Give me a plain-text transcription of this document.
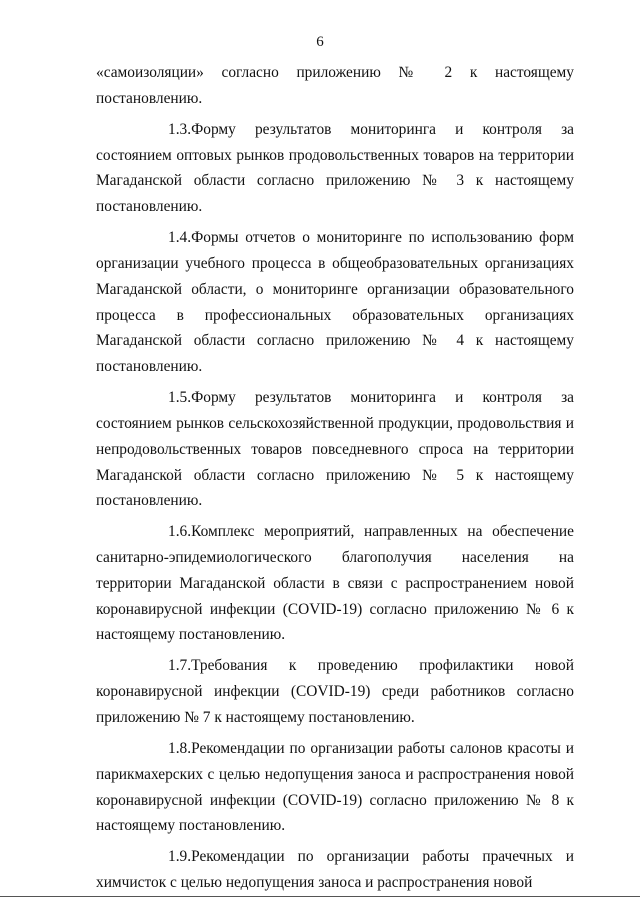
6

«самоизоляции» согласно приложению № 2 к настоящему постановлению.

1.3.Форму результатов мониторинга и контроля за состоянием оптовых рынков продовольственных товаров на территории Магаданской области согласно приложению № 3 к настоящему постановлению.

1.4.Формы отчетов о мониторинге по использованию форм организации учебного процесса в общеобразовательных организациях Магаданской области, о мониторинге организации образовательного процесса в профессиональных образовательных организациях Магаданской области согласно приложению № 4 к настоящему постановлению.

1.5.Форму результатов мониторинга и контроля за состоянием рынков сельскохозяйственной продукции, продовольствия и непродовольственных товаров повседневного спроса на территории Магаданской области согласно приложению № 5 к настоящему постановлению.

1.6.Комплекс мероприятий, направленных на обеспечение санитарно-эпидемиологического благополучия населения на территории Магаданской области в связи с распространением новой коронавирусной инфекции (COVID-19) согласно приложению № 6 к настоящему постановлению.

1.7.Требования к проведению профилактики новой коронавирусной инфекции (COVID-19) среди работников согласно приложению № 7 к настоящему постановлению.

1.8.Рекомендации по организации работы салонов красоты и парикмахерских с целью недопущения заноса и распространения новой коронавирусной инфекции (COVID-19) согласно приложению № 8 к настоящему постановлению.

1.9.Рекомендации по организации работы прачечных и химчисток с целью недопущения заноса и распространения новой
